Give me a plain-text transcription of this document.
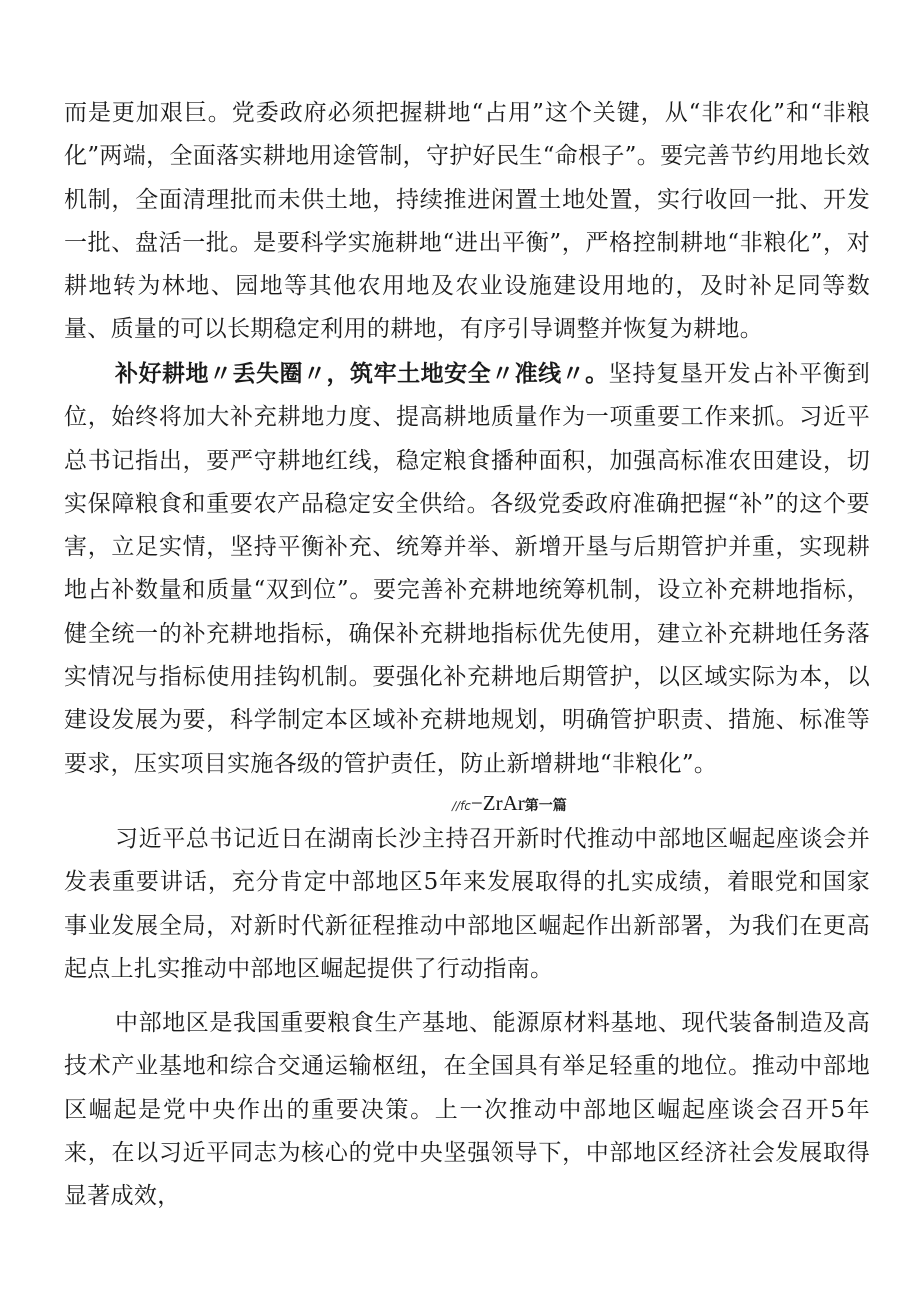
而是更加艰巨。党委政府必须把握耕地“占用”这个关键，从“非农化”和“非粮化”两端，全面落实耕地用途管制，守护好民生“命根子”。要完善节约用地长效机制，全面清理批而未供土地，持续推进闲置土地处置，实行收回一批、开发一批、盘活一批。是要科学实施耕地“进出平衡”，严格控制耕地“非粮化”，对耕地转为林地、园地等其他农用地及农业设施建设用地的，及时补足同等数量、质量的可以长期稳定利用的耕地，有序引导调整并恢复为耕地。

补好耕地〃丢失圈〃，筑牢土地安全〃准线〃。坚持复垦开发占补平衡到位，始终将加大补充耕地力度、提高耕地质量作为一项重要工作来抓。习近平总书记指出，要严守耕地红线，稳定粮食播种面积，加强高标准农田建设，切实保障粮食和重要农产品稳定安全供给。各级党委政府准确把握“补”的这个要害，立足实情，坚持平衡补充、统筹并举、新增开垦与后期管护并重，实现耕地占补数量和质量“双到位”。要完善补充耕地统筹机制，设立补充耕地指标，健全统一的补充耕地指标，确保补充耕地指标优先使用，建立补充耕地任务落实情况与指标使用挂钩机制。要强化补充耕地后期管护，以区域实际为本，以建设发展为要，科学制定本区域补充耕地规划，明确管护职责、措施、标准等要求，压实项目实施各级的管护责任，防止新增耕地“非粮化”。

∕∕fc−ZrAr第一篇

习近平总书记近日在湖南长沙主持召开新时代推动中部地区崛起座谈会并发表重要讲话，充分肯定中部地区5年来发展取得的扎实成绩，着眼党和国家事业发展全局，对新时代新征程推动中部地区崛起作出新部署，为我们在更高起点上扎实推动中部地区崛起提供了行动指南。

中部地区是我国重要粮食生产基地、能源原材料基地、现代装备制造及高技术产业基地和综合交通运输枢纽，在全国具有举足轻重的地位。推动中部地区崛起是党中央作出的重要决策。上一次推动中部地区崛起座谈会召开5年来，在以习近平同志为核心的党中央坚强领导下，中部地区经济社会发展取得显著成效，
